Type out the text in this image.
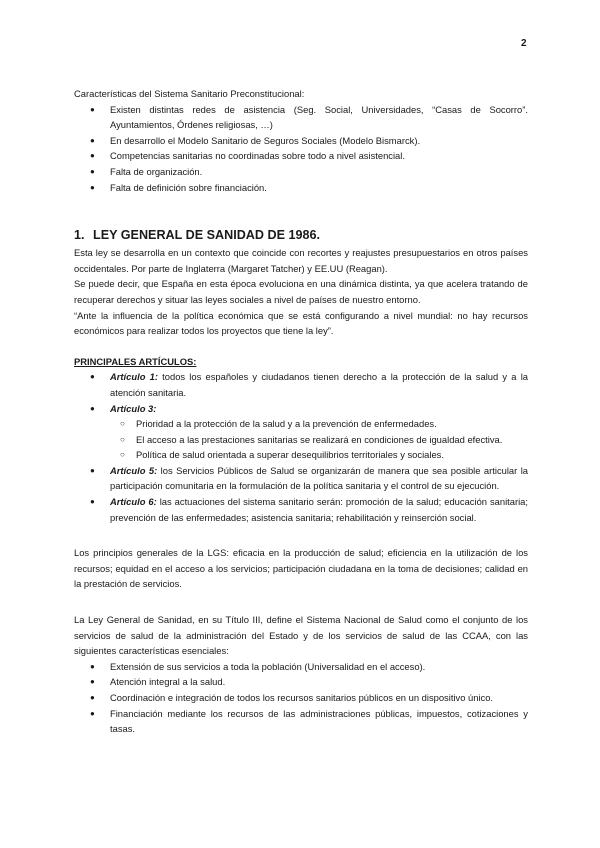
2

Características del Sistema Sanitario Preconstitucional:

● Existen distintas redes de asistencia (Seg. Social, Universidades, “Casas de Socorro”. Ayuntamientos, Órdenes religiosas, …)
● En desarrollo el Modelo Sanitario de Seguros Sociales (Modelo Bismarck).
● Competencias sanitarias no coordinadas sobre todo a nivel asistencial.
● Falta de organización.
● Falta de definición sobre financiación.
1. LEY GENERAL DE SANIDAD DE 1986.

Esta ley se desarrolla en un contexto que coincide con recortes y reajustes presupuestarios en otros países occidentales. Por parte de Inglaterra (Margaret Tatcher) y EE.UU (Reagan).

Se puede decir, que España en esta época evoluciona en una dinámica distinta, ya que acelera tratando de recuperar derechos y situar las leyes sociales a nivel de países de nuestro entorno.

“Ante la influencia de la política económica que se está configurando a nivel mundial: no hay recursos económicos para realizar todos los proyectos que tiene la ley”.

PRINCIPALES ARTÍCULOS:

● Artículo 1: todos los españoles y ciudadanos tienen derecho a la protección de la salud y a la atención sanitaria.
● Artículo 3:
○ Prioridad a la protección de la salud y a la prevención de enfermedades.
○ El acceso a las prestaciones sanitarias se realizará en condiciones de igualdad efectiva.
○ Política de salud orientada a superar desequilibrios territoriales y sociales.
● Artículo 5: los Servicios Públicos de Salud se organizarán de manera que sea posible articular la participación comunitaria en la formulación de la política sanitaria y el control de su ejecución.
● Artículo 6: las actuaciones del sistema sanitario serán: promoción de la salud; educación sanitaria; prevención de las enfermedades; asistencia sanitaria; rehabilitación y reinserción social.

Los principios generales de la LGS: eficacia en la producción de salud; eficiencia en la utilización de los recursos; equidad en el acceso a los servicios; participación ciudadana en la toma de decisiones; calidad en la prestación de servicios.

La Ley General de Sanidad, en su Título III, define el Sistema Nacional de Salud como el conjunto de los servicios de salud de la administración del Estado y de los servicios de salud de las CCAA, con las siguientes características esenciales:

● Extensión de sus servicios a toda la población (Universalidad en el acceso).
● Atención integral a la salud.
● Coordinación e integración de todos los recursos sanitarios públicos en un dispositivo único.
● Financiación mediante los recursos de las administraciones públicas, impuestos, cotizaciones y tasas.
